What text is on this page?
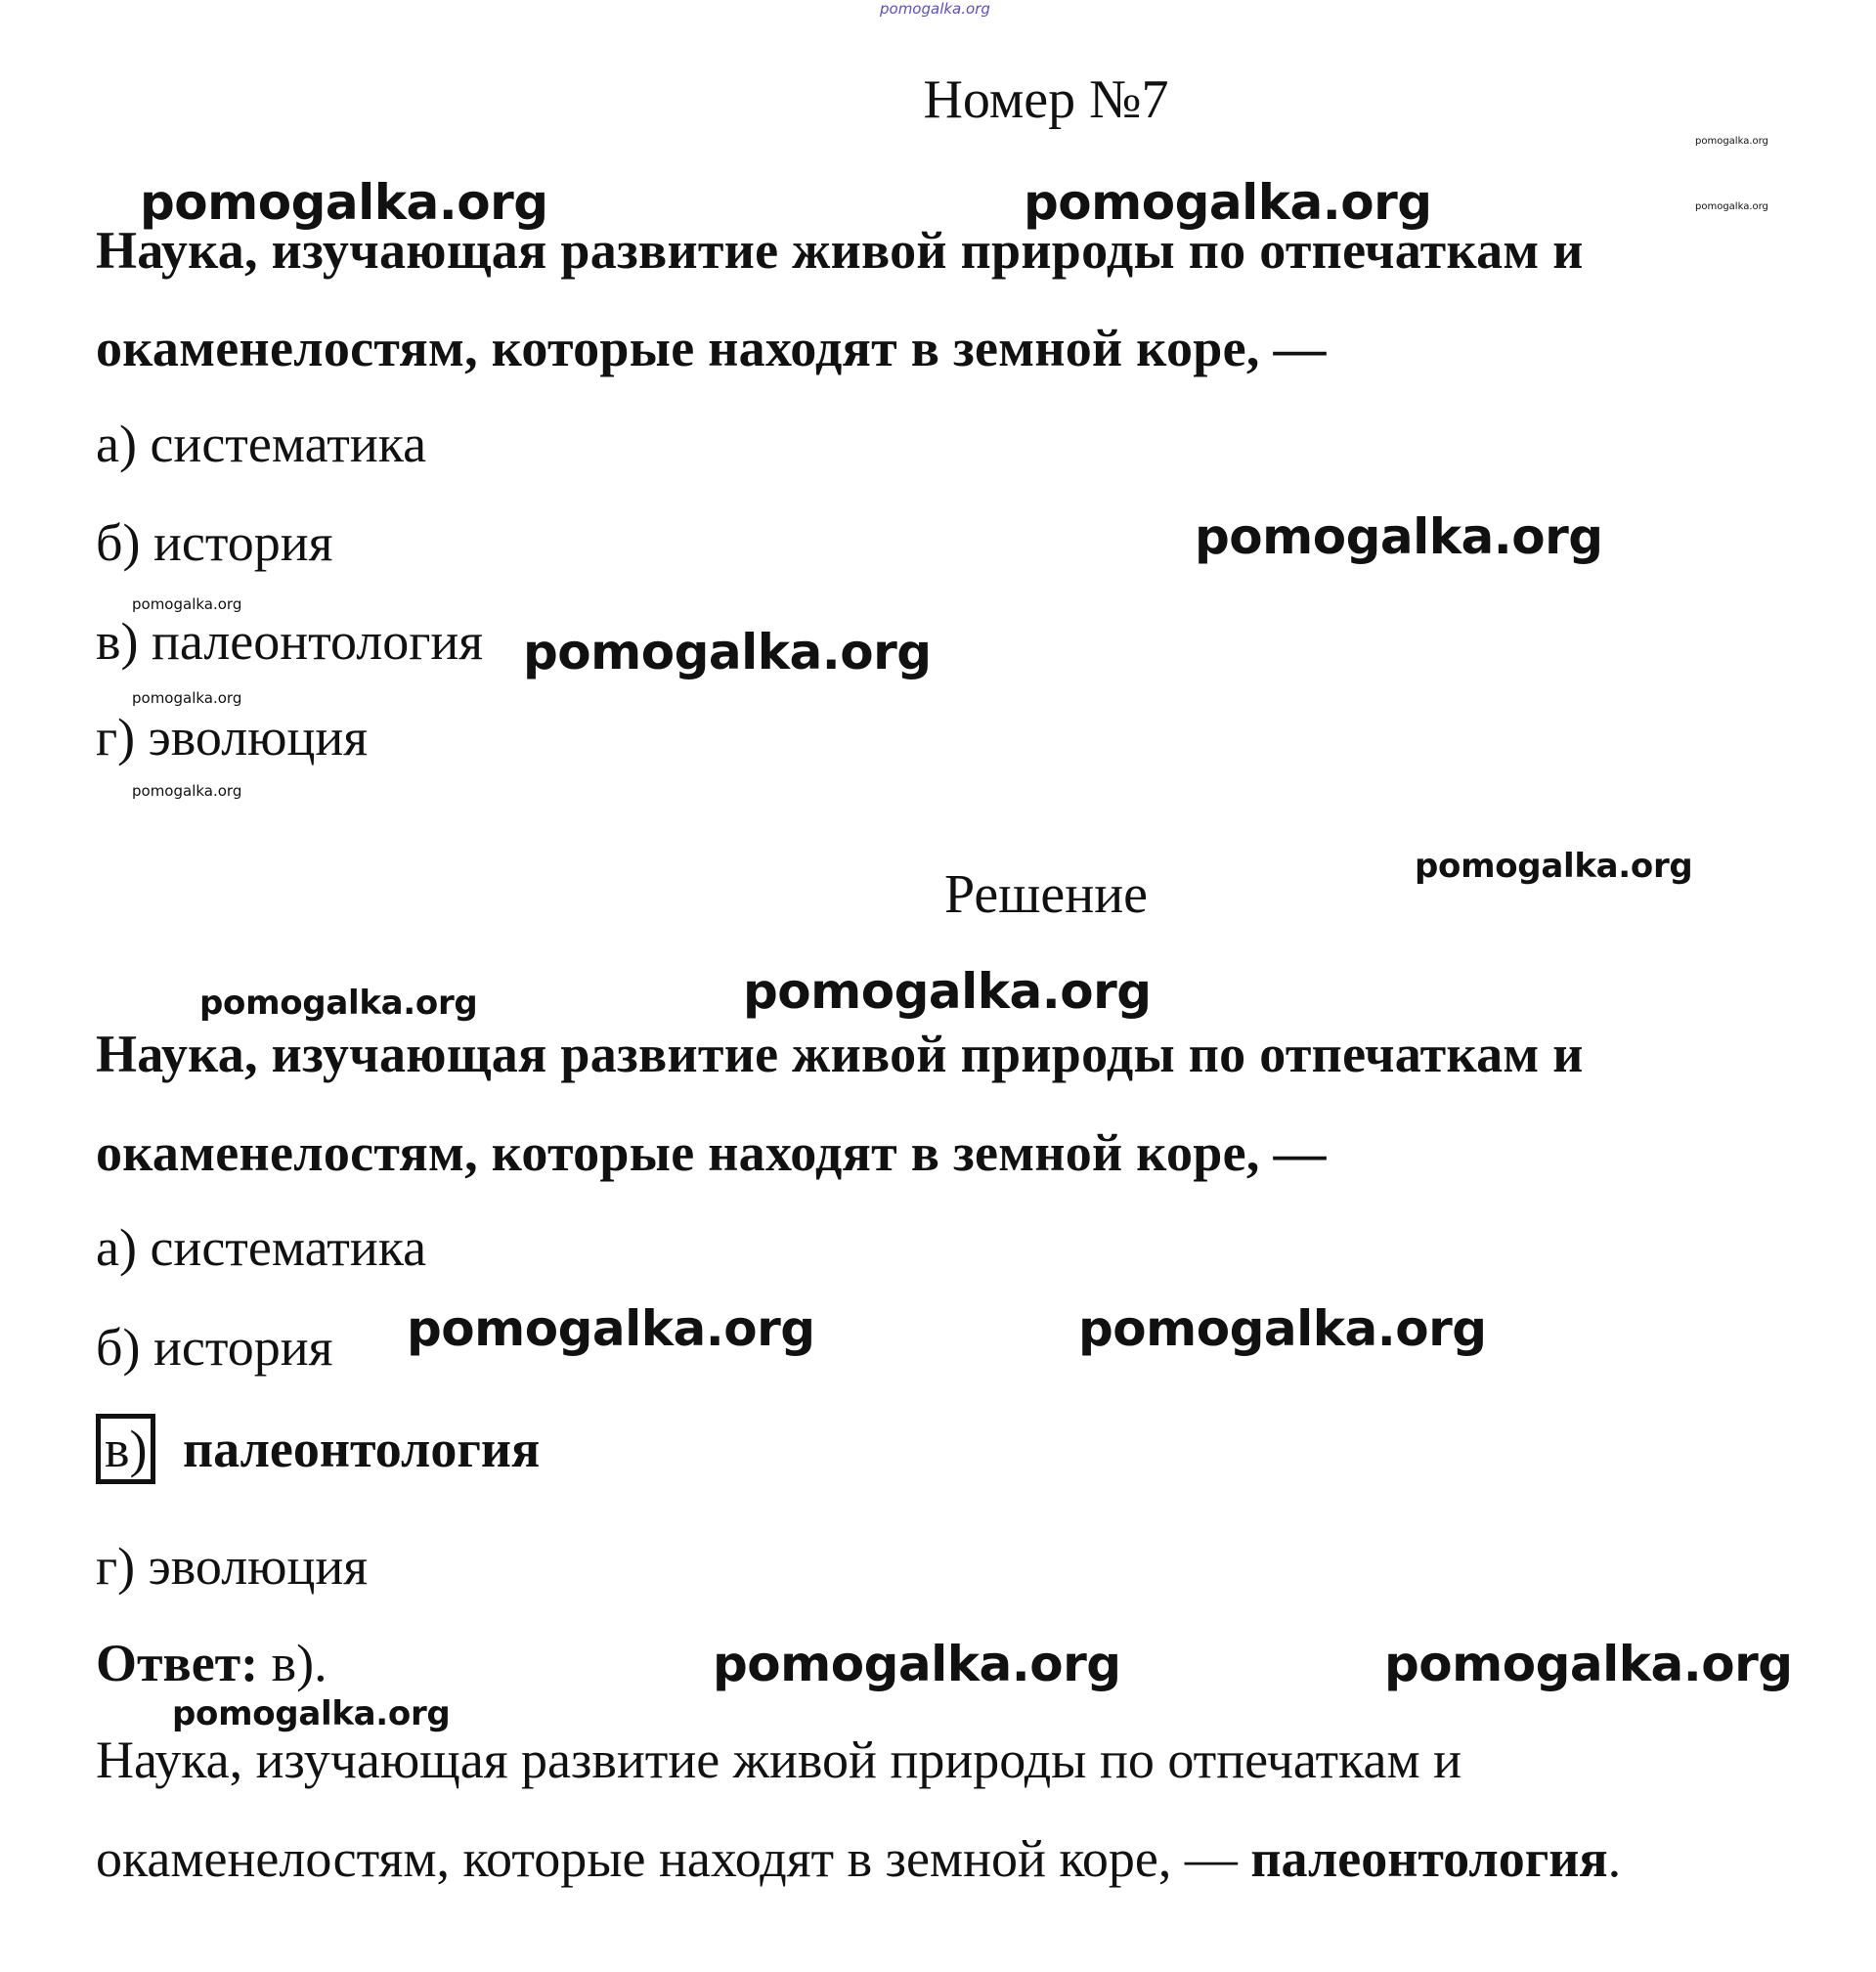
pomogalka.org
Номер №7
pomogalka.org
pomogalka.org
pomogalka.org	pomogalka.org
Наука, изучающая развитие живой природы по отпечаткам и
окаменелостям, которые находят в земной коре, —
а) систематика
б) история	pomogalka.org
pomogalka.org
в) палеонтология pomogalka.org
pomogalka.org
г) эволюция
pomogalka.org
pomogalka.org
Решение
pomogalka.org	pomogalka.org
Наука, изучающая развитие живой природы по отпечаткам и
окаменелостям, которые находят в земной коре, —
а) систематика
б) история pomogalka.org	pomogalka.org
в) палеонтология
г) эволюция
Ответ: в).	pomogalka.org	pomogalka.org
pomogalka.org
Наука, изучающая развитие живой природы по отпечаткам и
окаменелостям, которые находят в земной коре, — палеонтология.
